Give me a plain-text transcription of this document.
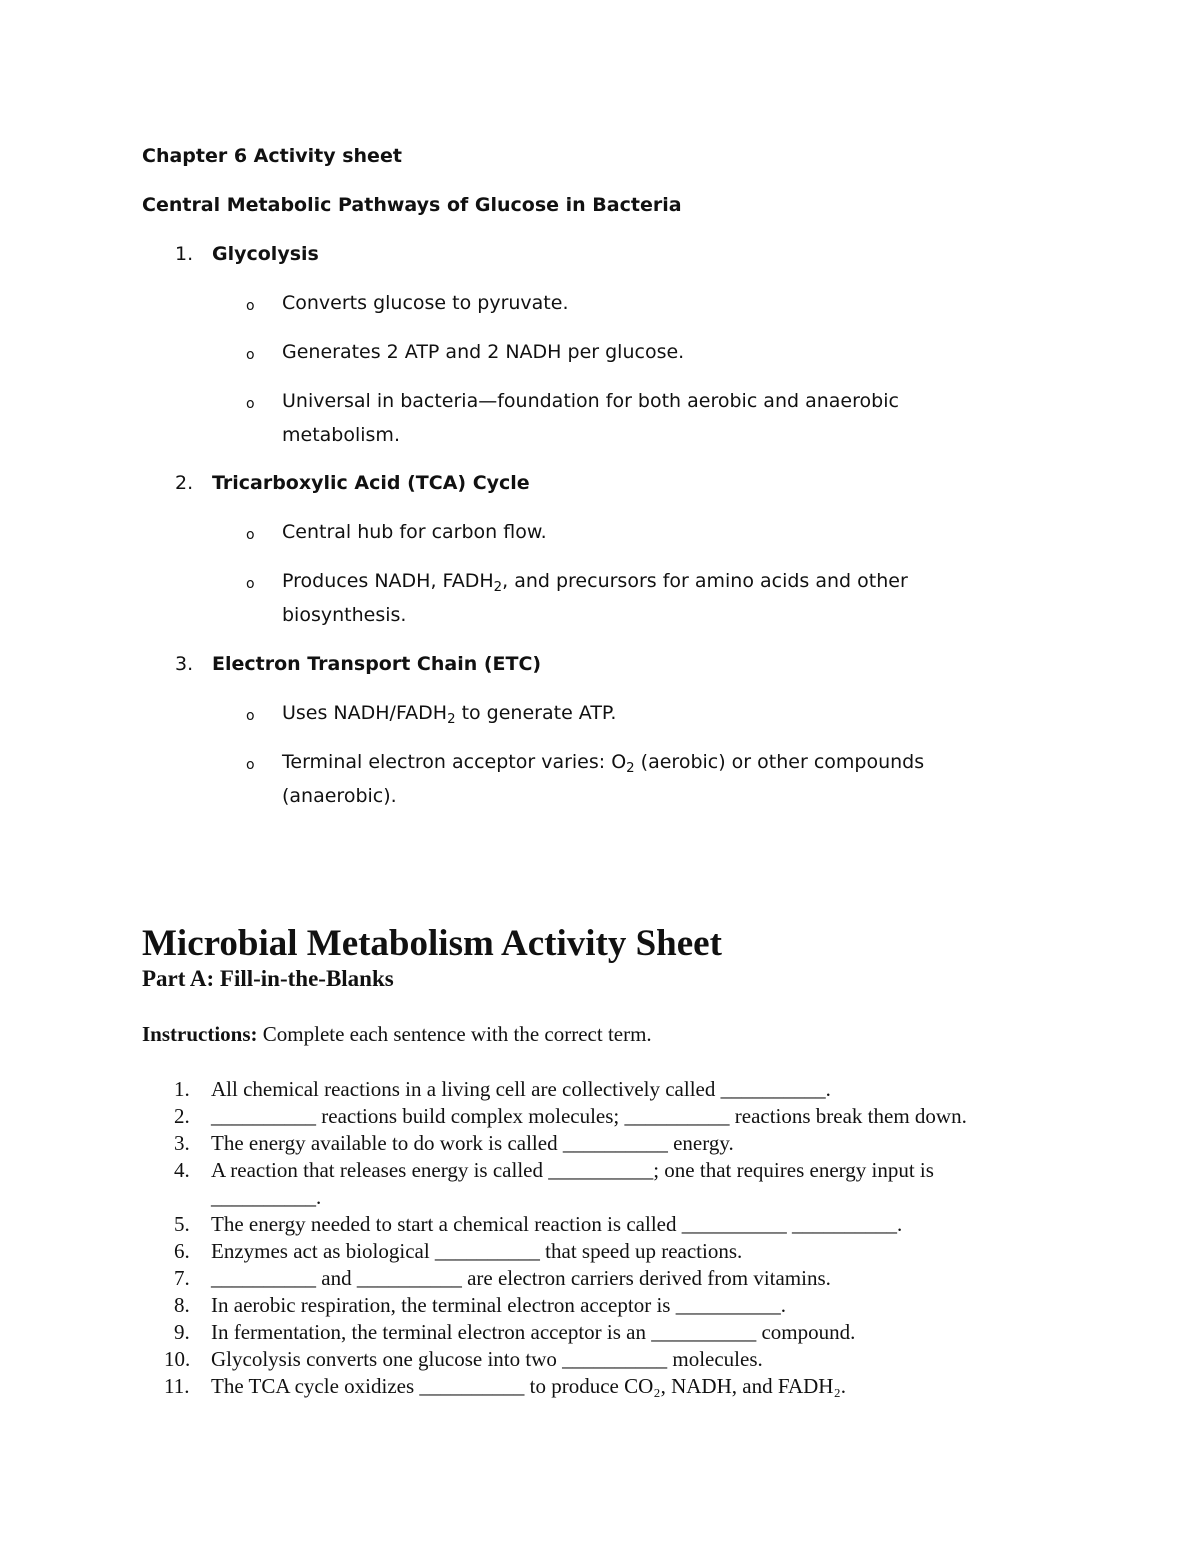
Chapter 6 Activity sheet
Central Metabolic Pathways of Glucose in Bacteria
1. Glycolysis
o Converts glucose to pyruvate.
o Generates 2 ATP and 2 NADH per glucose.
o Universal in bacteria—foundation for both aerobic and anaerobic
metabolism.
2. Tricarboxylic Acid (TCA) Cycle
o Central hub for carbon flow.
o Produces NADH, $FADH_2$, and precursors for amino acids and other
biosynthesis.
3. Electron Transport Chain (ETC)
o Uses NADH/$FADH_2$ to generate ATP.
o Terminal electron acceptor varies: $O_2$ (aerobic) or other compounds
(anaerobic).
Microbial Metabolism Activity Sheet
Part A: Fill-in-the-Blanks
Instructions: Complete each sentence with the correct term.
1. All chemical reactions in a living cell are collectively called __________.
2. __________ reactions build complex molecules; __________ reactions break them down.
3. The energy available to do work is called __________ energy.
4. A reaction that releases energy is called __________; one that requires energy input is
__________.
5. The energy needed to start a chemical reaction is called __________ __________.
6. Enzymes act as biological __________ that speed up reactions.
7. __________ and __________ are electron carriers derived from vitamins.
8. In aerobic respiration, the terminal electron acceptor is __________.
9. In fermentation, the terminal electron acceptor is an __________ compound.
10. Glycolysis converts one glucose into two __________ molecules.
11. The TCA cycle oxidizes __________ to produce CO₂, NADH, and FADH₂.
